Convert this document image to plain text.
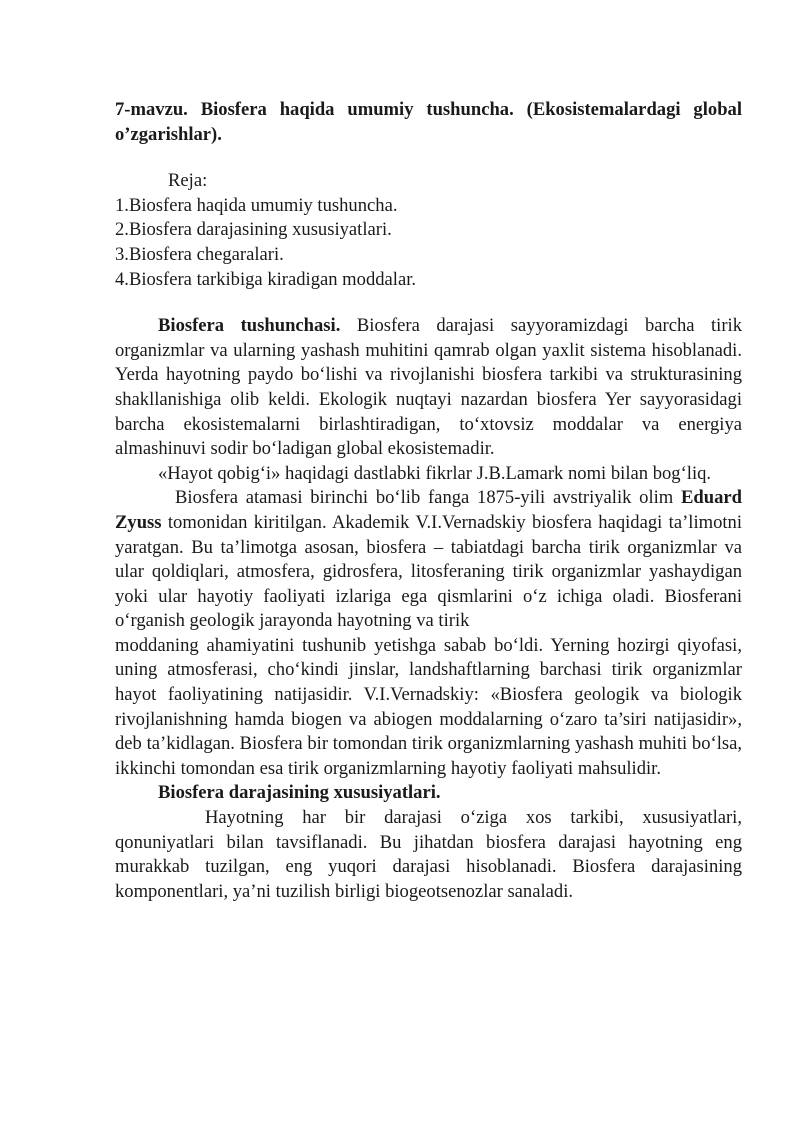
7-mavzu. Biosfera haqida umumiy tushuncha. (Ekosistemalardagi global o’zgarishlar).

Reja:
1.Biosfera haqida umumiy tushuncha.
2.Biosfera darajasining xususiyatlari.
3.Biosfera chegaralari.
4.Biosfera tarkibiga kiradigan moddalar.

Biosfera tushunchasi. Biosfera darajasi sayyoramizdagi barcha tirik organizmlar va ularning yashash muhitini qamrab olgan yaxlit sistema hisoblanadi. Yerda hayotning paydo boʻlishi va rivojlanishi biosfera tarkibi va strukturasining shakllanishiga olib keldi. Ekologik nuqtayi nazardan biosfera Yer sayyorasidagi barcha ekosistemalarni birlashtiradigan, toʻxtovsiz moddalar va energiya almashinuvi sodir boʻladigan global ekosistemadir.

«Hayot qobigʻi» haqidagi dastlabki fikrlar J.B.Lamark nomi bilan bogʻliq.

Biosfera atamasi birinchi boʻlib fanga 1875-yili avstriyalik olim Eduard Zyuss tomonidan kiritilgan. Akademik V.I.Vernadskiy biosfera haqidagi ta’limotni yaratgan. Bu ta’limotga asosan, biosfera – tabiatdagi barcha tirik organizmlar va ular qoldiqlari, atmosfera, gidrosfera, litosferaning tirik organizmlar yashaydigan yoki ular hayotiy faoliyati izlariga ega qismlarini oʻz ichiga oladi. Biosferani oʻrganish geologik jarayonda hayotning va tirik

moddaning ahamiyatini tushunib yetishga sabab boʻldi. Yerning hozirgi qiyofasi, uning atmosferasi, choʻkindi jinslar, landshaftlarning barchasi tirik organizmlar hayot faoliyatining natijasidir. V.I.Vernadskiy: «Biosfera geologik va biologik rivojlanishning hamda biogen va abiogen moddalarning oʻzaro ta’siri natijasidir», deb ta’kidlagan. Biosfera bir tomondan tirik organizmlarning yashash muhiti boʻlsa, ikkinchi tomondan esa tirik organizmlarning hayotiy faoliyati mahsulidir.

Biosfera darajasining xususiyatlari.

Hayotning har bir darajasi oʻziga xos tarkibi, xususiyatlari, qonuniyatlari bilan tavsiflanadi. Bu jihatdan biosfera darajasi hayotning eng murakkab tuzilgan, eng yuqori darajasi hisoblanadi. Biosfera darajasining komponentlari, ya’ni tuzilish birligi biogeotsenozlar sanaladi.
